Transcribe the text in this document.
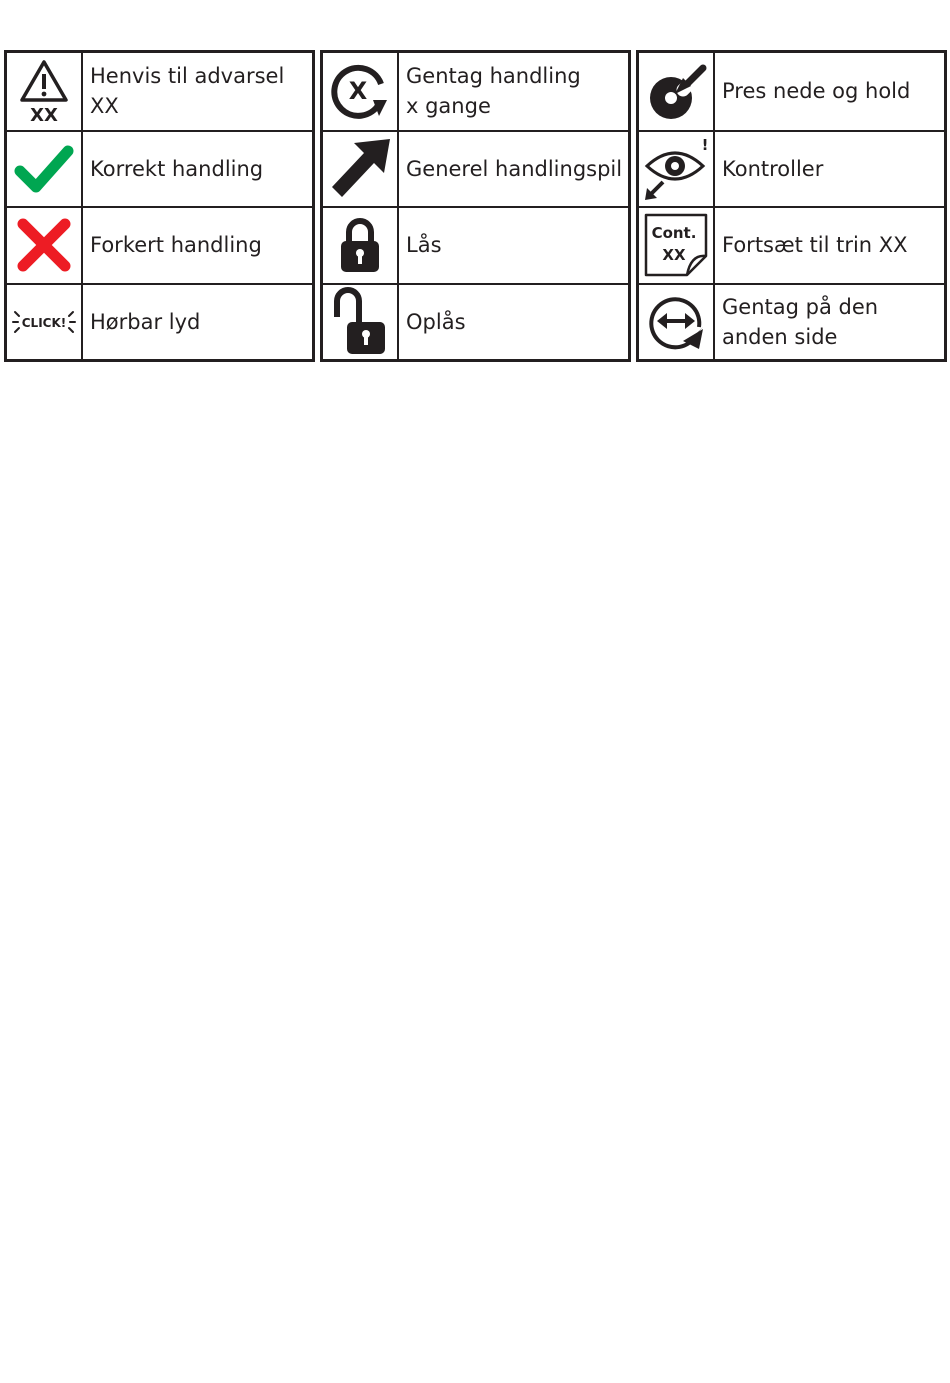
XX
Henvis til advarsel XX
Korrekt handling
Forkert handling
CLICK! Hørbar lyd
X
Gentag handling
x gange
Generel handlingspil
Lås
Oplås
Pres nede og hold
!
Kontroller
Cont.
XX Fortsæt til trin XX
Gentag på den
anden side
